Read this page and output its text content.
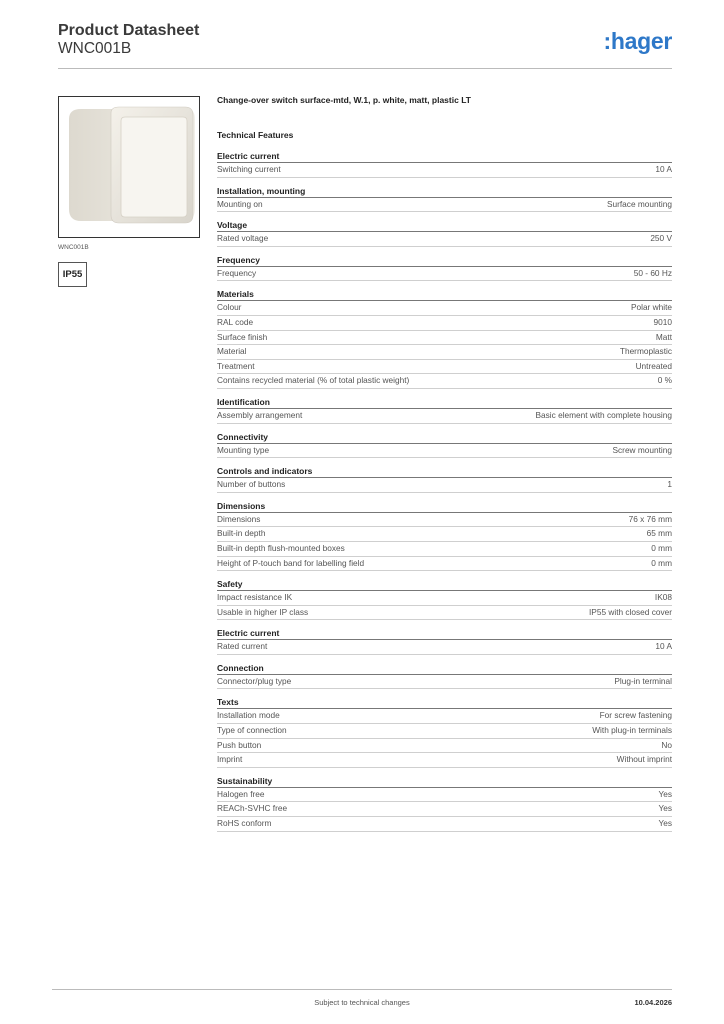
Product Datasheet
WNC001B	:hager
WNC001B
IP55
Change-over switch surface-mtd, W.1, p. white, matt, plastic LT
Technical Features
Electric current
Switching current	10 A
Installation, mounting
Mounting on	Surface mounting
Voltage
Rated voltage	250 V
Frequency
Frequency	50 - 60 Hz
Materials
Colour	Polar white
RAL code	9010
Surface finish	Matt
Material	Thermoplastic
Treatment	Untreated
Contains recycled material (% of total plastic weight)	0 %
Identification
Assembly arrangement	Basic element with complete housing
Connectivity
Mounting type	Screw mounting
Controls and indicators
Number of buttons	1
Dimensions
Dimensions	76 x 76 mm
Built-in depth	65 mm
Built-in depth flush-mounted boxes	0 mm
Height of P-touch band for labelling field	0 mm
Safety
Impact resistance IK	IK08
Usable in higher IP class	IP55 with closed cover
Electric current
Rated current	10 A
Connection
Connector/plug type	Plug-in terminal
Texts
Installation mode	For screw fastening
Type of connection	With plug-in terminals
Push button	No
Imprint	Without imprint
Sustainability
Halogen free	Yes
REACh-SVHC free	Yes
RoHS conform	Yes
Subject to technical changes	10.04.2026
